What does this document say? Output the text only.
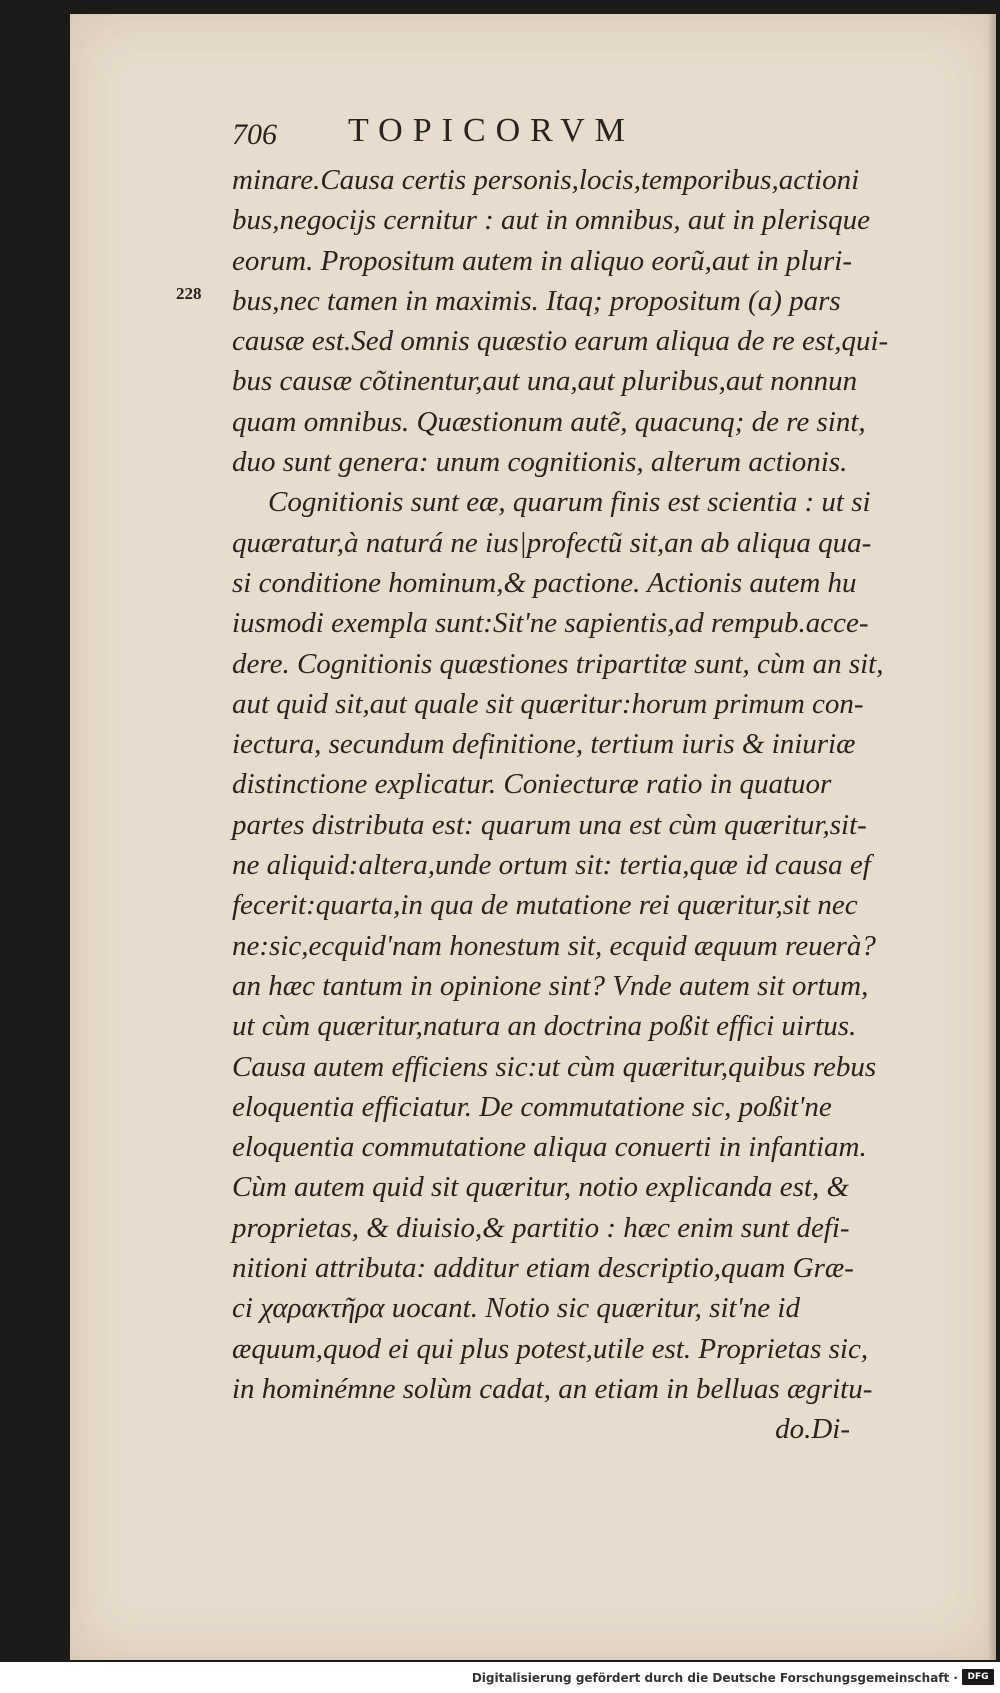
706 TOPICORVM
228
minare.Causa certis personis,locis,temporibus,actioni
bus,negocijs cernitur : aut in omnibus, aut in plerisque
eorum. Propositum autem in aliquo eorũ,aut in pluri-
bus,nec tamen in maximis. Itaq; propositum (a) pars
causæ est.Sed omnis quæstio earum aliqua de re est,qui-
bus causæ cõtinentur,aut una,aut pluribus,aut nonnun
quam omnibus. Quæstionum autẽ, quacunq; de re sint,
duo sunt genera: unum cognitionis, alterum actionis.
Cognitionis sunt eæ, quarum finis est scientia : ut si
quæratur,à naturá ne ius|profectũ sit,an ab aliqua qua-
si conditione hominum,& pactione. Actionis autem hu
iusmodi exempla sunt:Sit'ne sapientis,ad rempub.acce-
dere. Cognitionis quæstiones tripartitæ sunt, cùm an sit,
aut quid sit,aut quale sit quæritur:horum primum con-
iectura, secundum definitione, tertium iuris & iniuriæ
distinctione explicatur. Coniecturæ ratio in quatuor
partes distributa est: quarum una est cùm quæritur,sit-
ne aliquid:altera,unde ortum sit: tertia,quæ id causa ef
fecerit:quarta,in qua de mutatione rei quæritur,sit nec
ne:sic,ecquid'nam honestum sit, ecquid æquum reuerà?
an hæc tantum in opinione sint? Vnde autem sit ortum,
ut cùm quæritur,natura an doctrina poßit effici uirtus.
Causa autem efficiens sic:ut cùm quæritur,quibus rebus
eloquentia efficiatur. De commutatione sic, poßit'ne
eloquentia commutatione aliqua conuerti in infantiam.
Cùm autem quid sit quæritur, notio explicanda est, &
proprietas, & diuisio,& partitio : hæc enim sunt defi-
nitioni attributa: additur etiam descriptio,quam Græ-
ci χαρακτῆρα uocant. Notio sic quæritur, sit'ne id
æquum,quod ei qui plus potest,utile est. Proprietas sic,
in hominémne solùm cadat, an etiam in belluas ægritu-
do.Di-
Digitalisierung gefördert durch die Deutsche Forschungsgemeinschaft ·	DFG
